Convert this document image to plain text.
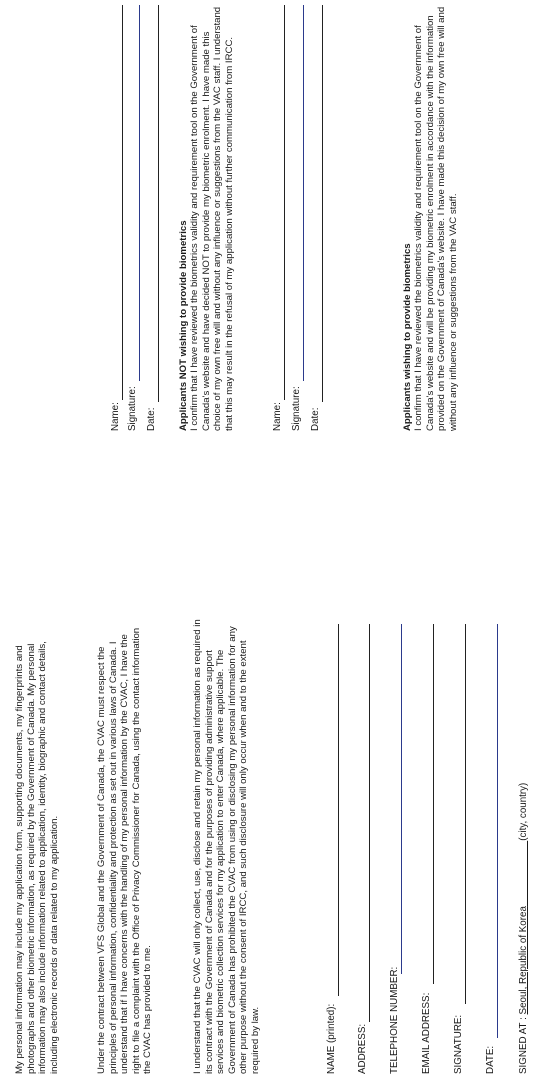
My personal information may include my application form, supporting documents, my fingerprints and photographs and other biometric information, as required by the Government of Canada. My personal information may also include information related to application, identity, biographic and contact details, including electronic records or data related to my application.	Under the contract between VFS Global and the Government of Canada, the CVAC must respect the principles of personal information, confidentiality and protection as set out in various laws of Canada. I understand that if I have concerns with the handling of my personal information by the CVAC, I have the right to file a complaint with the Office of Privacy Commissioner for Canada, using the contact information the CVAC has provided to me.	I understand that the CVAC will only collect, use, disclose and retain my personal information as required in its contract with the Government of Canada and for the purposes of providing administrative support services and biometric collection services for my application to enter Canada, where applicable. The Government of Canada has prohibited the CVAC from using or disclosing my personal information for any other purpose without the consent of IRCC, and such disclosure will only occur when and to the extent required by law.	NAME (printed): ADDRESS: TELEPHONE NUMBER: EMAIL ADDRESS: SIGNATURE: DATE: SIGNED AT : Seoul, Republic of Korea                        (city, country)

Applicants wishing to provide biometrics I confirm that I have reviewed the biometrics validity and requirement tool on the Government of Canada's website and will be providing my biometric enrolment in accordance with the information provided on the Government of Canada's website. I have made this decision of my own free will and without any influence or suggestions from the VAC staff.

Name: Signature: Date: Applicants NOT wishing to provide biometrics I confirm that I have reviewed the biometrics validity and requirement tool on the Government of Canada's website and have decided NOT to provide my biometric enrolment. I have made this choice of my own free will and without any influence or suggestions from the VAC staff. I understand that this may result in the refusal of my application without further communication from IRCC.	Name: Signature: Date:
